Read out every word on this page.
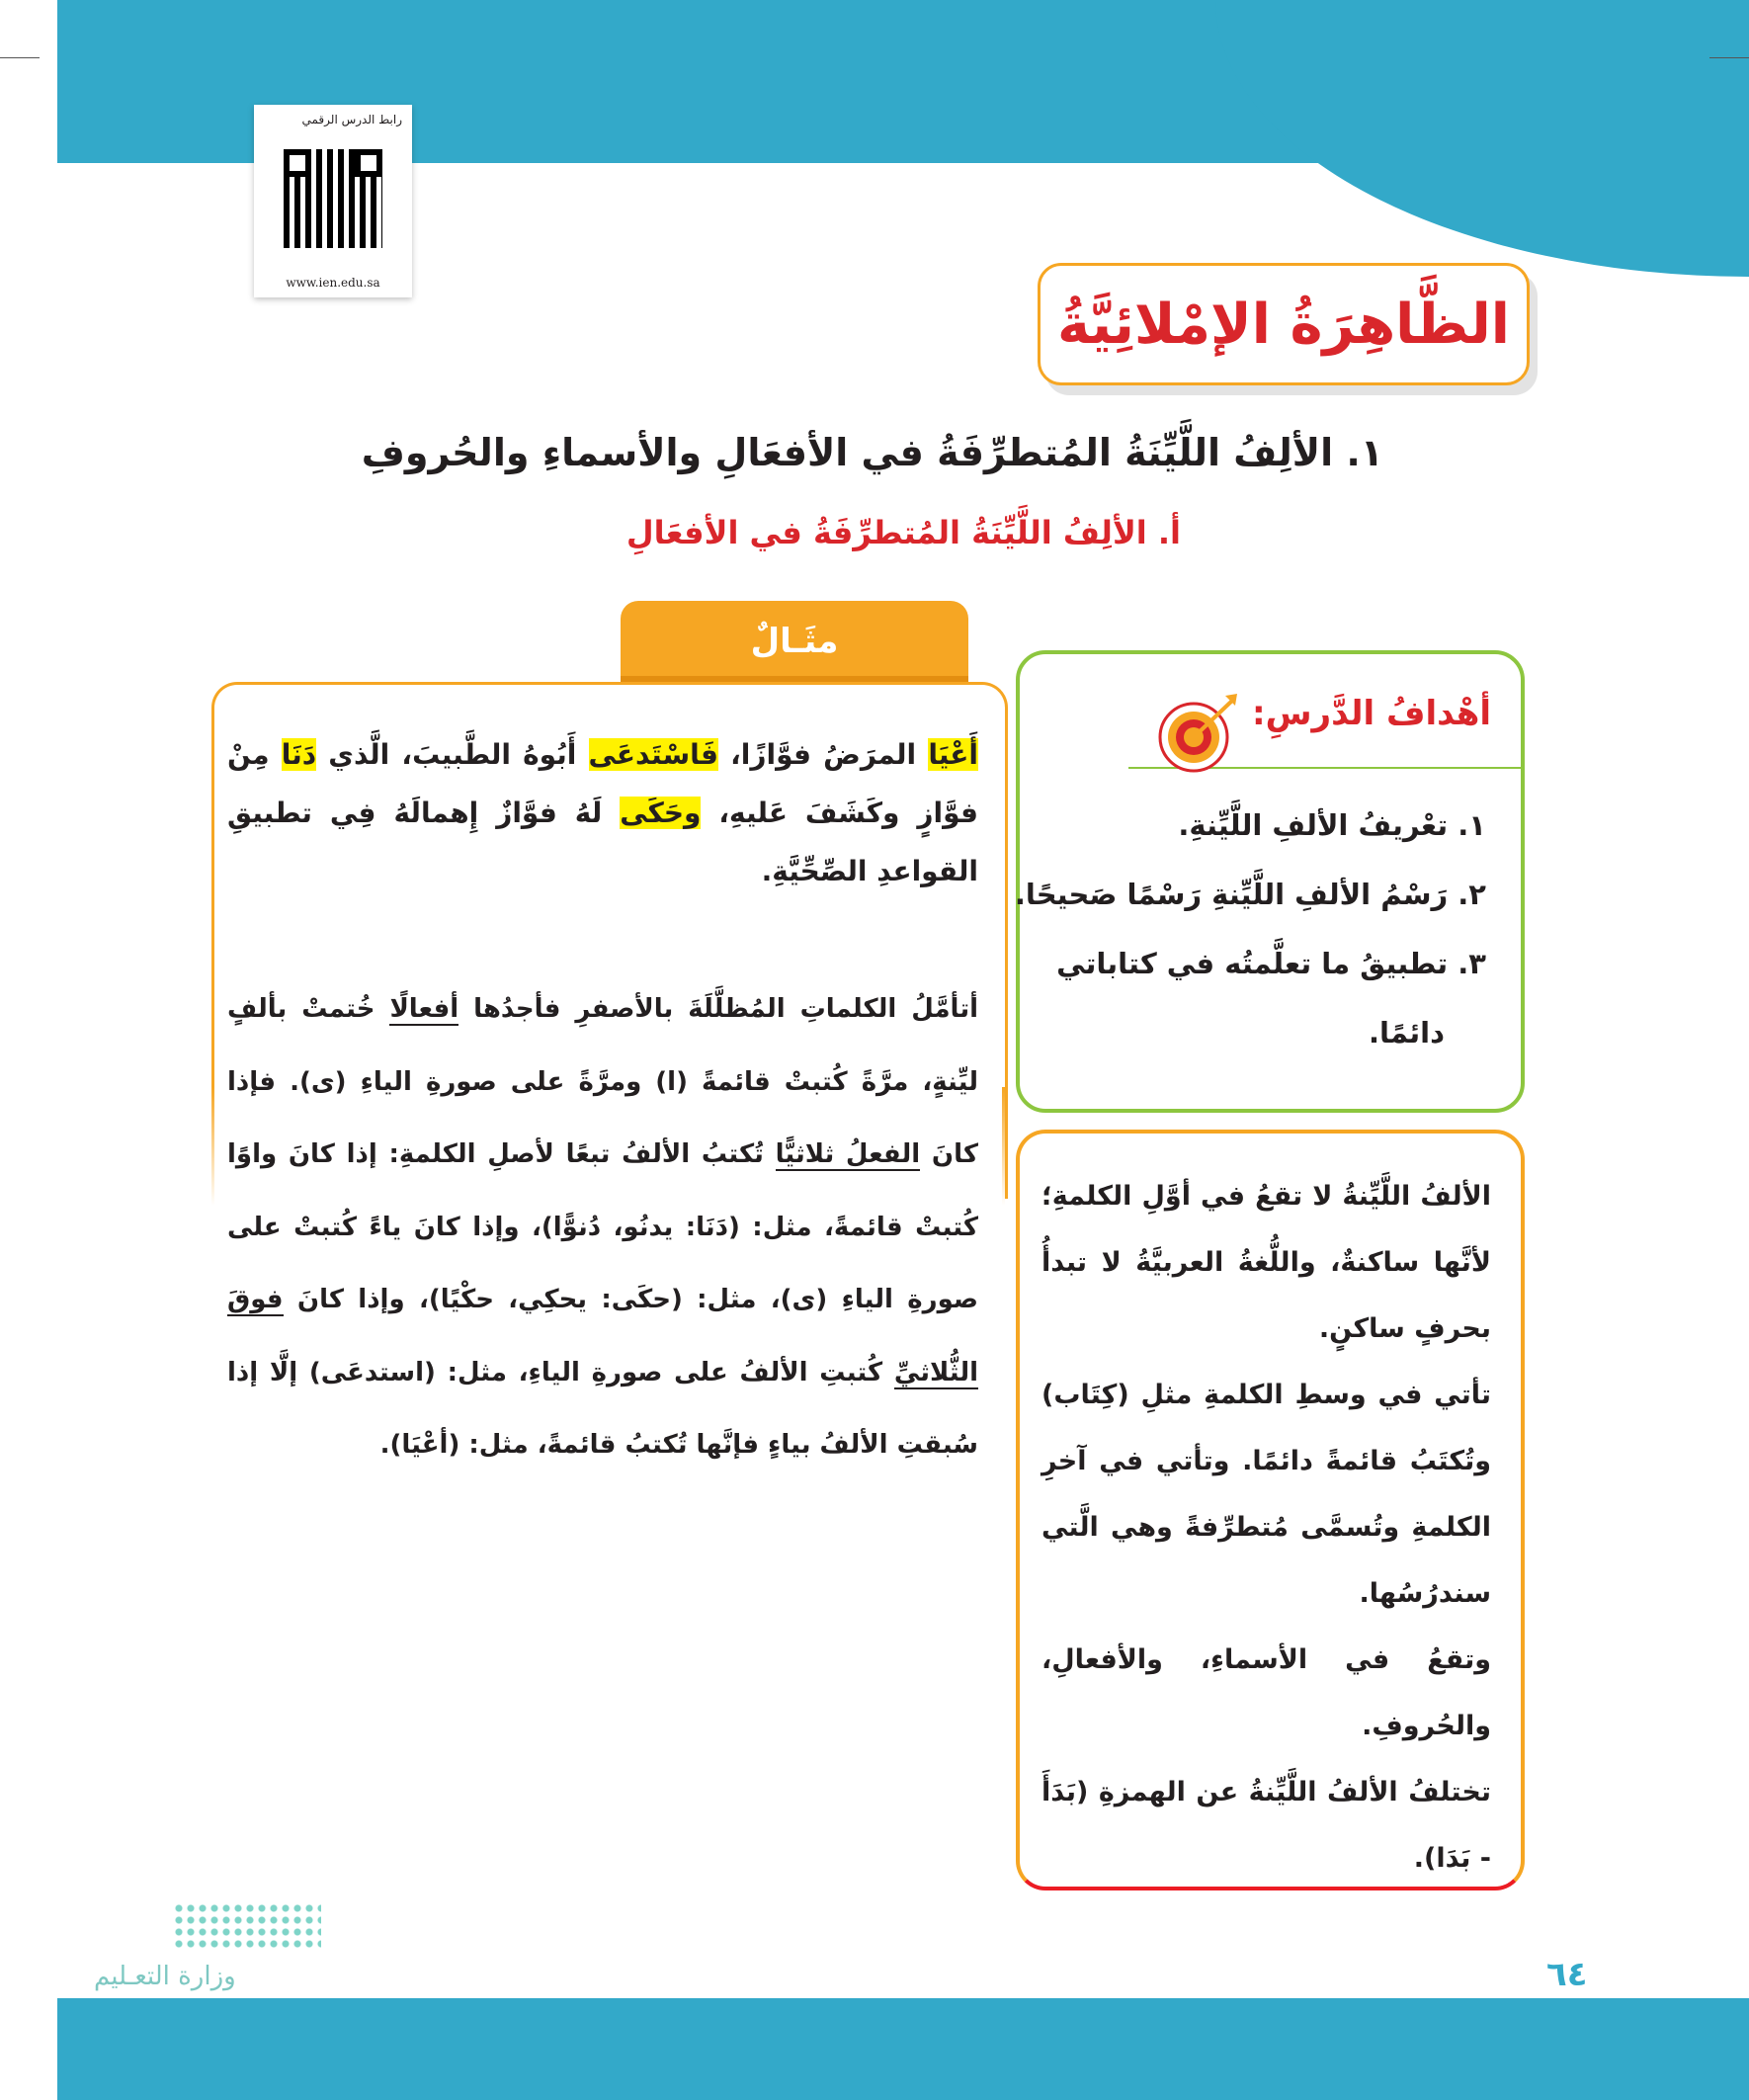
رابط الدرس الرقمي
www.ien.edu.sa
الظَّاهِرَةُ الإمْلائِيَّةُ
١. الألِفُ اللَّيِّنَةُ المُتطرِّفَةُ في الأفعَالِ والأسماءِ والحُروفِ
أ. الألِفُ اللَّيِّنَةُ المُتطرِّفَةُ في الأفعَالِ
مثَـالٌ
أَعْيَا المرَضُ فوَّازًا، فَاسْتَدعَى أَبُوهُ الطَّبيبَ، الَّذي دَنَا مِنْ فوَّازٍ وكَشَفَ عَليهِ، وحَكَى لَهُ فوَّازٌ إِهمالَهُ فِي تطبيقِ القواعدِ الصِّحِّيَّةِ.
أتأمَّلُ الكلماتِ المُظلَّلَةَ بالأصفرِ فأجدُها أفعالًا خُتمتْ بألفٍ ليِّنةٍ، مرَّةً كُتبتْ قائمةً (ا) ومرَّةً على صورةِ الياءِ (ى). فإذا كانَ الفعلُ ثلاثيًّا تُكتبُ الألفُ تبعًا لأصلِ الكلمةِ: إذا كانَ واوًا كُتبتْ قائمةً، مثل: (دَنَا: يدنُو، دُنوًّا)، وإذا كانَ ياءً كُتبتْ على صورةِ الياءِ (ى)، مثل: (حكَى: يحكِي، حكْيًا)، وإذا كانَ فوقَ الثُّلاثيِّ كُتبتِ الألفُ على صورةِ الياءِ، مثل: (استدعَى) إلَّا إذا سُبقتِ الألفُ بياءٍ فإنَّها تُكتبُ قائمةً، مثل: (أعْيَا).
أهْدافُ الدَّرسِ:
١. تعْريفُ الألفِ اللَّيِّنةِ.
٢. رَسْمُ الألفِ اللَّيِّنةِ رَسْمًا صَحيحًا.
٣. تطبيقُ ما تعلَّمتُه في كتاباتي
دائمًا.
الألفُ اللَّيِّنةُ لا تقعُ في أوَّلِ الكلمةِ؛ لأنَّها ساكنةٌ، واللُّغةُ العربيَّةُ لا تبدأُ بحرفٍ ساكنٍ.
تأتي في وسطِ الكلمةِ مثلِ (كِتَاب) وتُكتَبُ قائمةً دائمًا. وتأتي في آخرِ الكلمةِ وتُسمَّى مُتطرِّفةً وهي الَّتي سندرُسُها.
وتقعُ في الأسماءِ، والأفعالِ، والحُروفِ.
تختلفُ الألفُ اللَّيِّنةُ عن الهمزةِ (بَدَأَ - بَدَا).
وزارة التعـليم	٦٤
